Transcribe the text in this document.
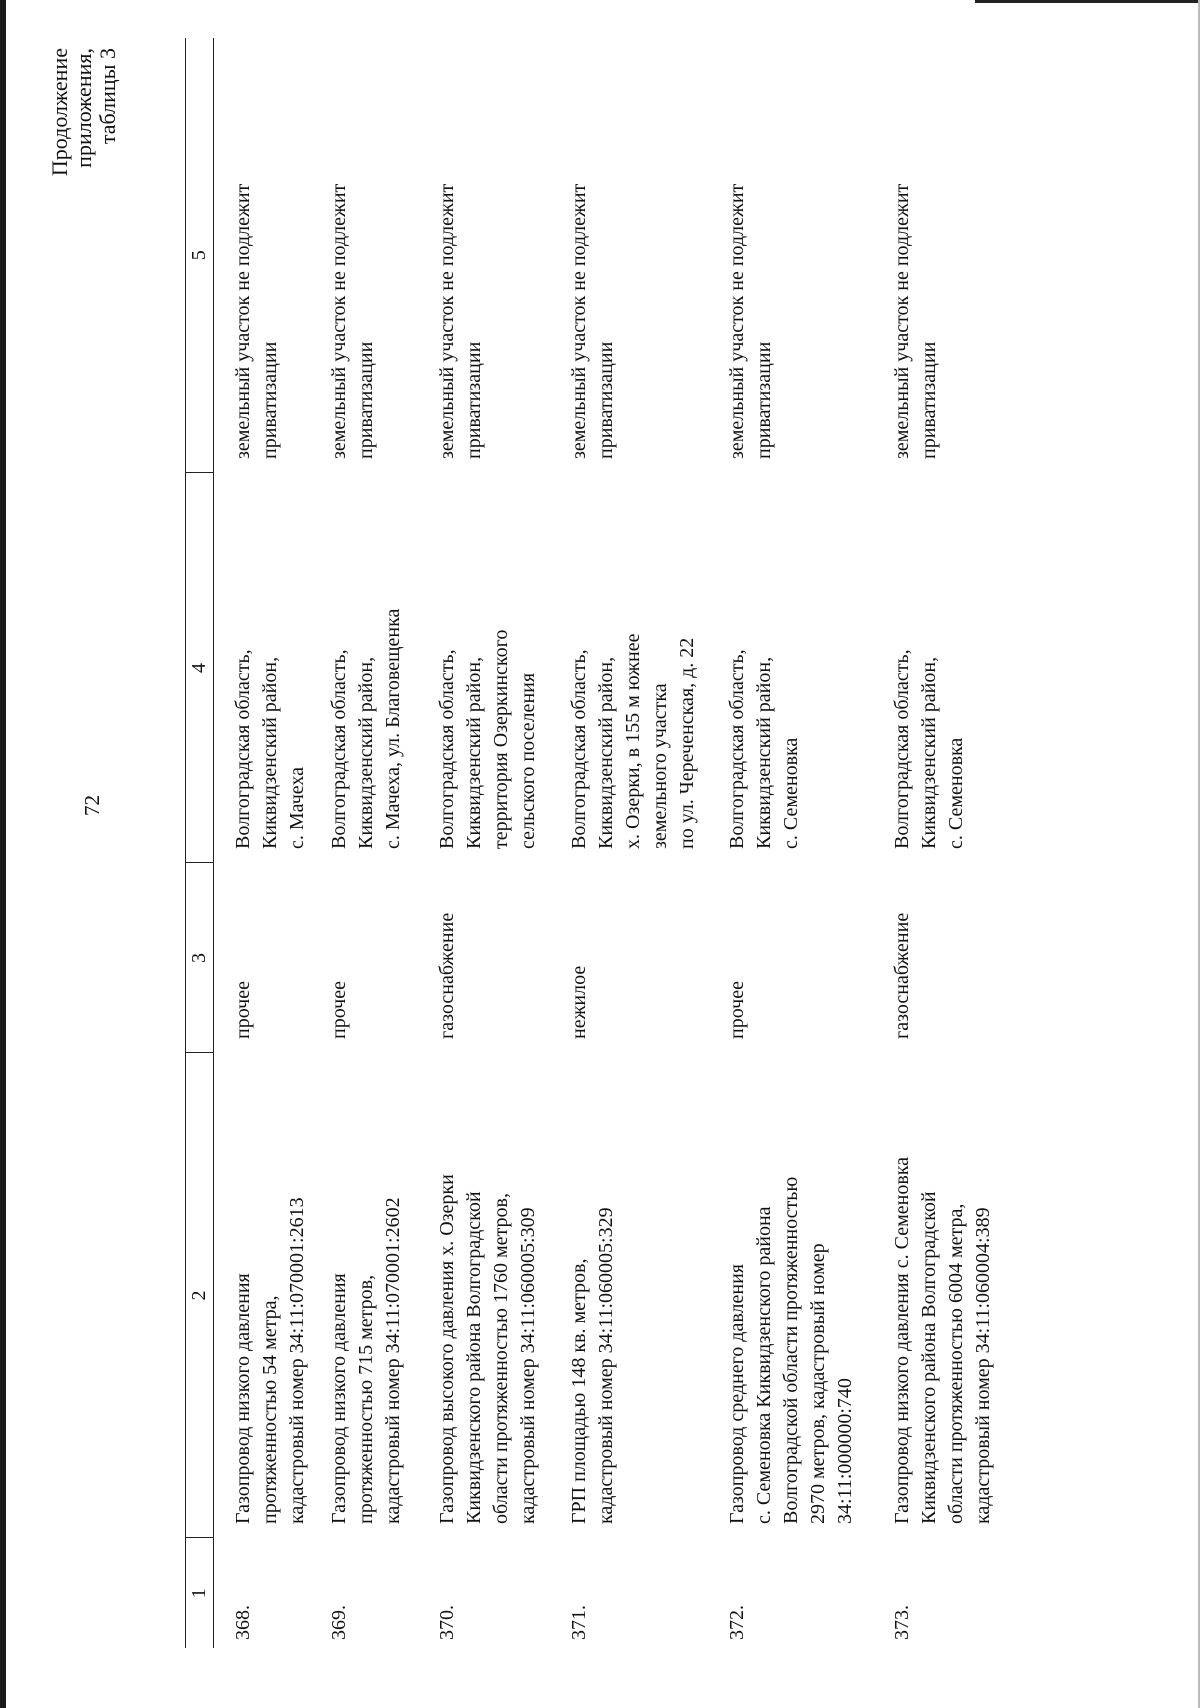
72
Продолжение приложения,
таблицы 3
1	2	3	4	5
368.	Газопровод низкого давления
протяженностью 54 метра,
кадастровый номер 34:11:070001:2613	прочее	Волгоградская область,
Киквидзенский район,
с. Мачеха	земельный участок не подлежит
приватизации
369.	Газопровод низкого давления
протяженностью 715 метров,
кадастровый номер 34:11:070001:2602	прочее	Волгоградская область,
Киквидзенский район,
с. Мачеха, ул. Благовещенка	земельный участок не подлежит
приватизации
370.	Газопровод высокого давления х. Озерки
Киквидзенского района Волгоградской
области протяженностью 1760 метров,
кадастровый номер 34:11:060005:309	газоснабжение	Волгоградская область,
Киквидзенский район,
территория Озеркинского
сельского поселения	земельный участок не подлежит
приватизации
371.	ГРП площадью 148 кв. метров,
кадастровый номер 34:11:060005:329	нежилое	Волгоградская область,
Киквидзенский район,
х. Озерки, в 155 м южнее
земельного участка
по ул. Череченская, д. 22	земельный участок не подлежит
приватизации
372.	Газопровод среднего давления
с. Семеновка Киквидзенского района
Волгоградской области протяженностью
2970 метров, кадастровый номер
34:11:000000:740	прочее	Волгоградская область,
Киквидзенский район,
с. Семеновка	земельный участок не подлежит
приватизации
373.	Газопровод низкого давления с. Семеновка
Киквидзенского района Волгоградской
области протяженностью 6004 метра,
кадастровый номер 34:11:060004:389	газоснабжение	Волгоградская область,
Киквидзенский район,
с. Семеновка	земельный участок не подлежит
приватизации
